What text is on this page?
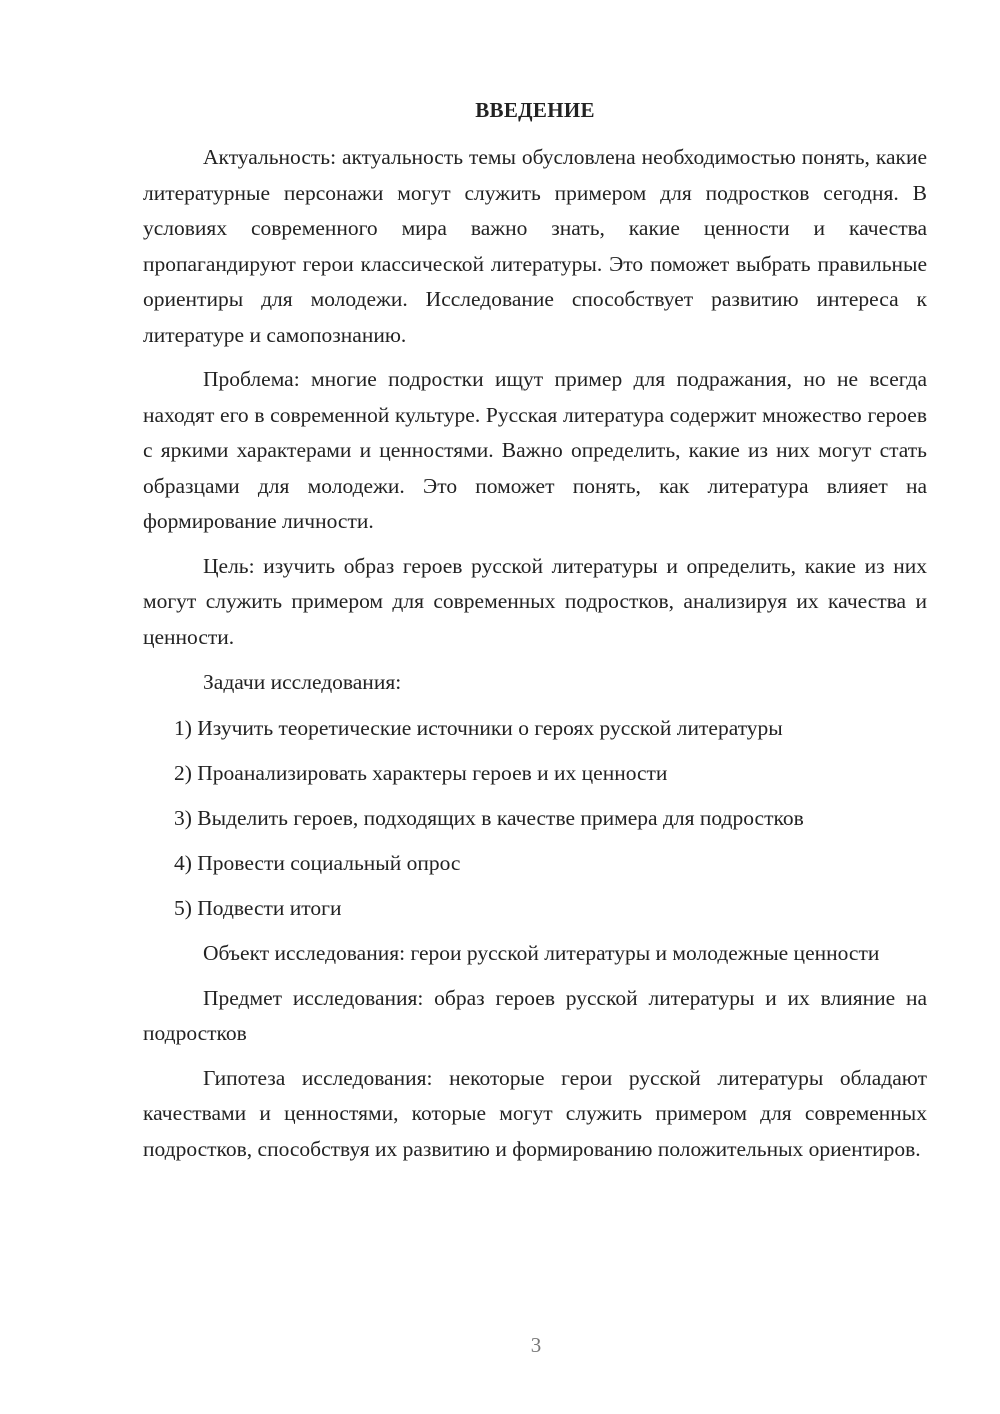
ВВЕДЕНИЕ

Актуальность: актуальность темы обусловлена необходимостью понять, какие литературные персонажи могут служить примером для подростков сегодня. В условиях современного мира важно знать, какие ценности и качества пропагандируют герои классической литературы. Это поможет выбрать правильные ориентиры для молодежи. Исследование способствует развитию интереса к литературе и самопознанию.

Проблема: многие подростки ищут пример для подражания, но не всегда находят его в современной культуре. Русская литература содержит множество героев с яркими характерами и ценностями. Важно определить, какие из них могут стать образцами для молодежи. Это поможет понять, как литература влияет на формирование личности.

Цель: изучить образ героев русской литературы и определить, какие из них могут служить примером для современных подростков, анализируя их качества и ценности.

Задачи исследования:

1) Изучить теоретические источники о героях русской литературы
2) Проанализировать характеры героев и их ценности
3) Выделить героев, подходящих в качестве примера для подростков
4) Провести социальный опрос
5) Подвести итоги

Объект исследования: герои русской литературы и молодежные ценности

Предмет исследования: образ героев русской литературы и их влияние на подростков

Гипотеза исследования: некоторые герои русской литературы обладают качествами и ценностями, которые могут служить примером для современных подростков, способствуя их развитию и формированию положительных ориентиров.

3
